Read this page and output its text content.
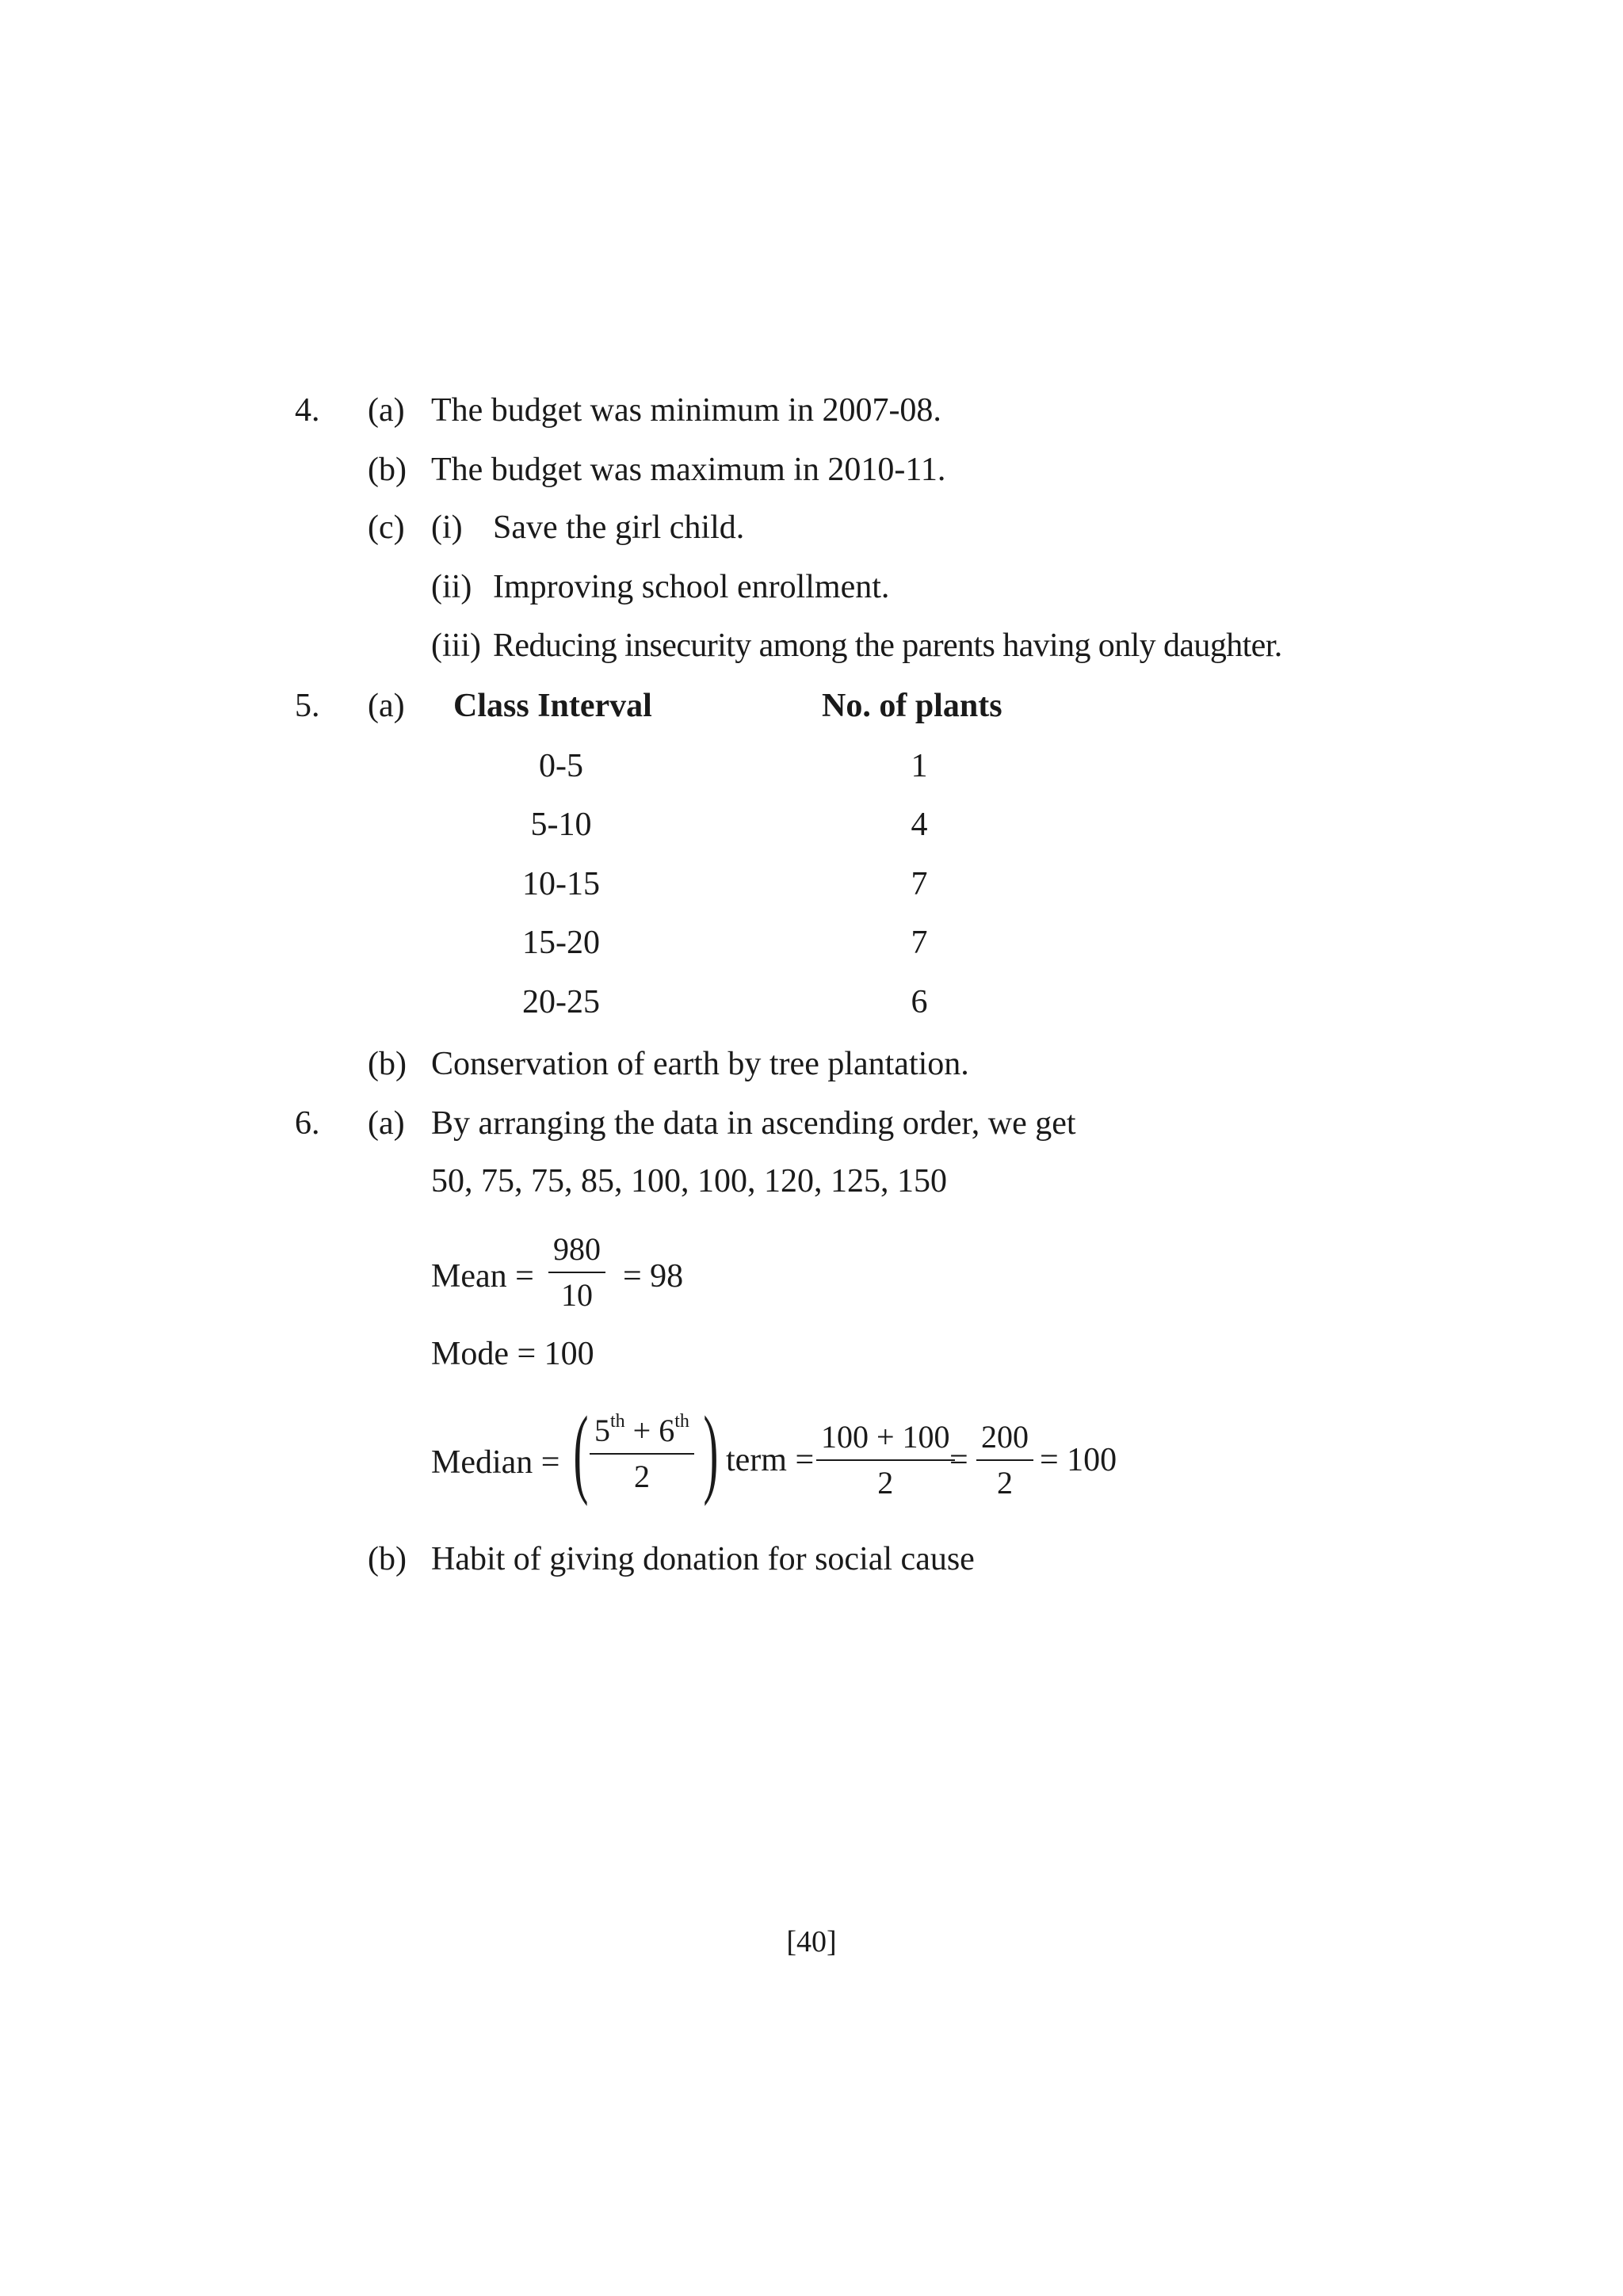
4. (a) The budget was minimum in 2007-08.
(b) The budget was maximum in 2010-11.
(c) (i) Save the girl child.
(ii) Improving school enrollment.
(iii) Reducing insecurity among the parents having only daughter.
5. (a) Class Interval	No. of plants
0-5	1
5-10	4
10-15	7
15-20	7
20-25	6
(b) Conservation of earth by tree plantation.
6. (a) By arranging the data in ascending order, we get
50, 75, 75, 85, 100, 100, 120, 125, 150
Mean = $\frac{980}{10} = 98$
Mode = 100
Median = ( $\frac{5^{th} + 6^{th}}{2}$ ) term = $\frac{100 + 100}{2}$
= $\frac{200}{2} = 100$
(b) Habit of giving donation for social cause
[40]
